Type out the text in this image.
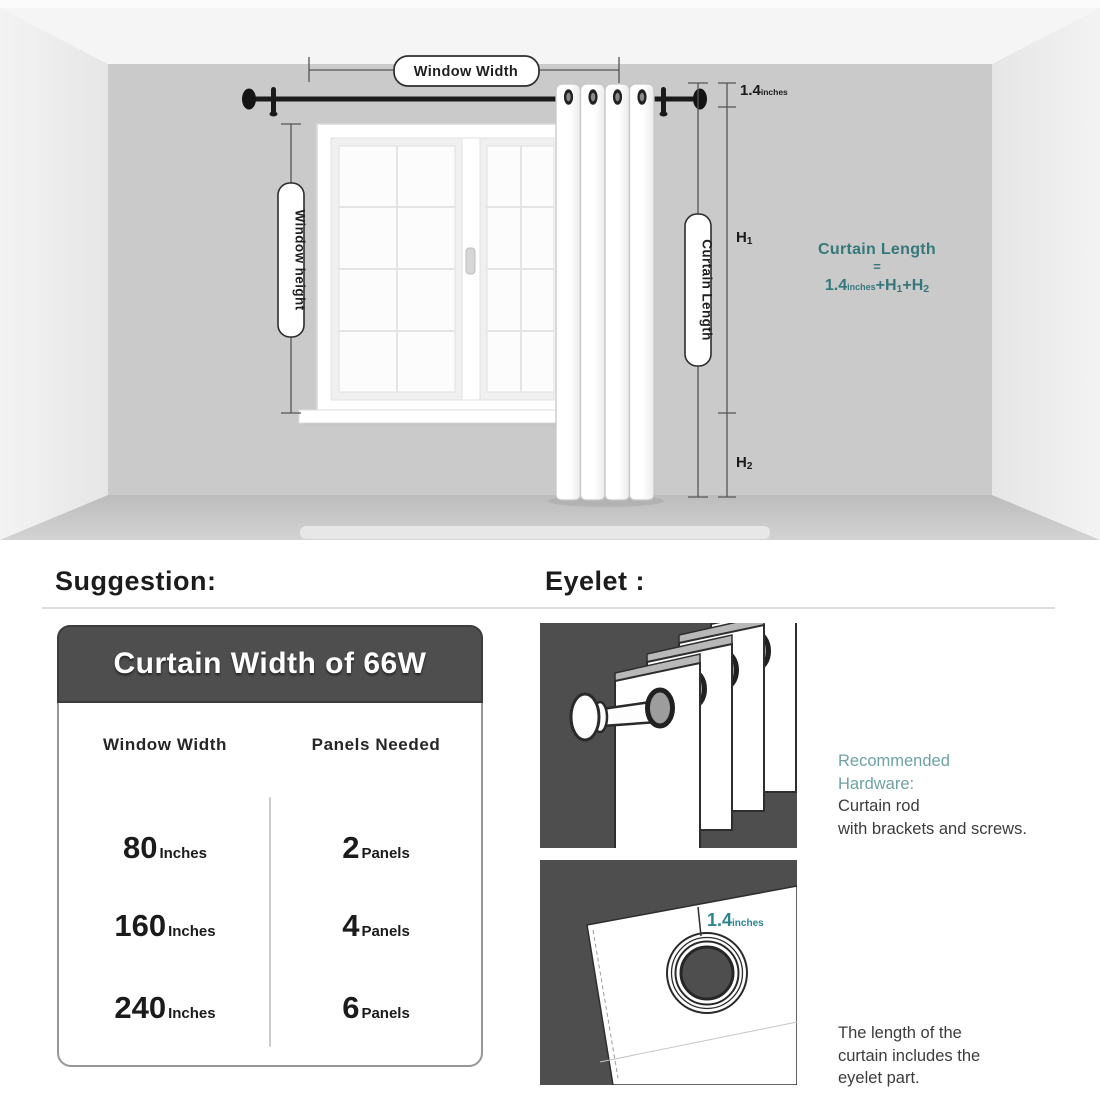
Window Width
Window height	Curtain Length
1.4inches
H1
H2
Curtain Length
=
1.4inches+H1+H2
Suggestion:	Eyelet :
Curtain Width of 66W
Window Width	Panels Needed
80 Inches	2 Panels
160 Inches	4 Panels
240 Inches	6 Panels
1.4inches
Recommended
Hardware:
Curtain rod
with brackets and screws.
The length of the
curtain includes the
eyelet part.
